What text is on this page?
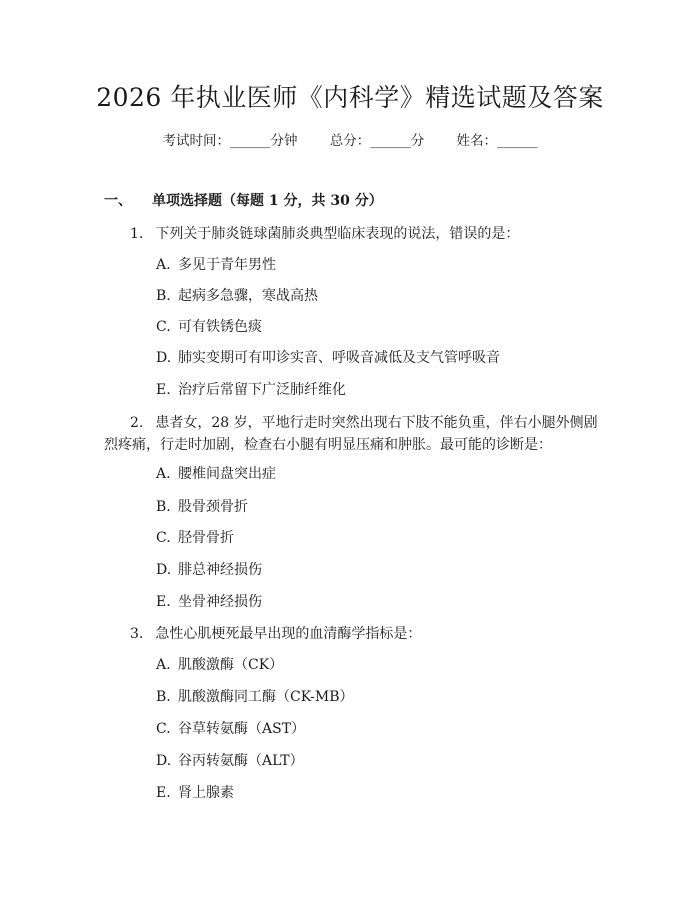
2026 年执业医师《内科学》精选试题及答案
考试时间：______分钟 总分：______分 姓名：______
一、 单项选择题（每题 1 分，共 30 分）
1. 下列关于肺炎链球菌肺炎典型临床表现的说法，错误的是：
A. 多见于青年男性
B. 起病多急骤，寒战高热
C. 可有铁锈色痰
D. 肺实变期可有叩诊实音、呼吸音减低及支气管呼吸音
E. 治疗后常留下广泛肺纤维化
2. 患者女，28 岁，平地行走时突然出现右下肢不能负重，伴右小腿外侧剧烈疼痛，行走时加剧，检查右小腿有明显压痛和肿胀。最可能的诊断是：
A. 腰椎间盘突出症
B. 股骨颈骨折
C. 胫骨骨折
D. 腓总神经损伤
E. 坐骨神经损伤
3. 急性心肌梗死最早出现的血清酶学指标是：
A. 肌酸激酶（CK）
B. 肌酸激酶同工酶（CK-MB）
C. 谷草转氨酶（AST）
D. 谷丙转氨酶（ALT）
E. 肾上腺素
